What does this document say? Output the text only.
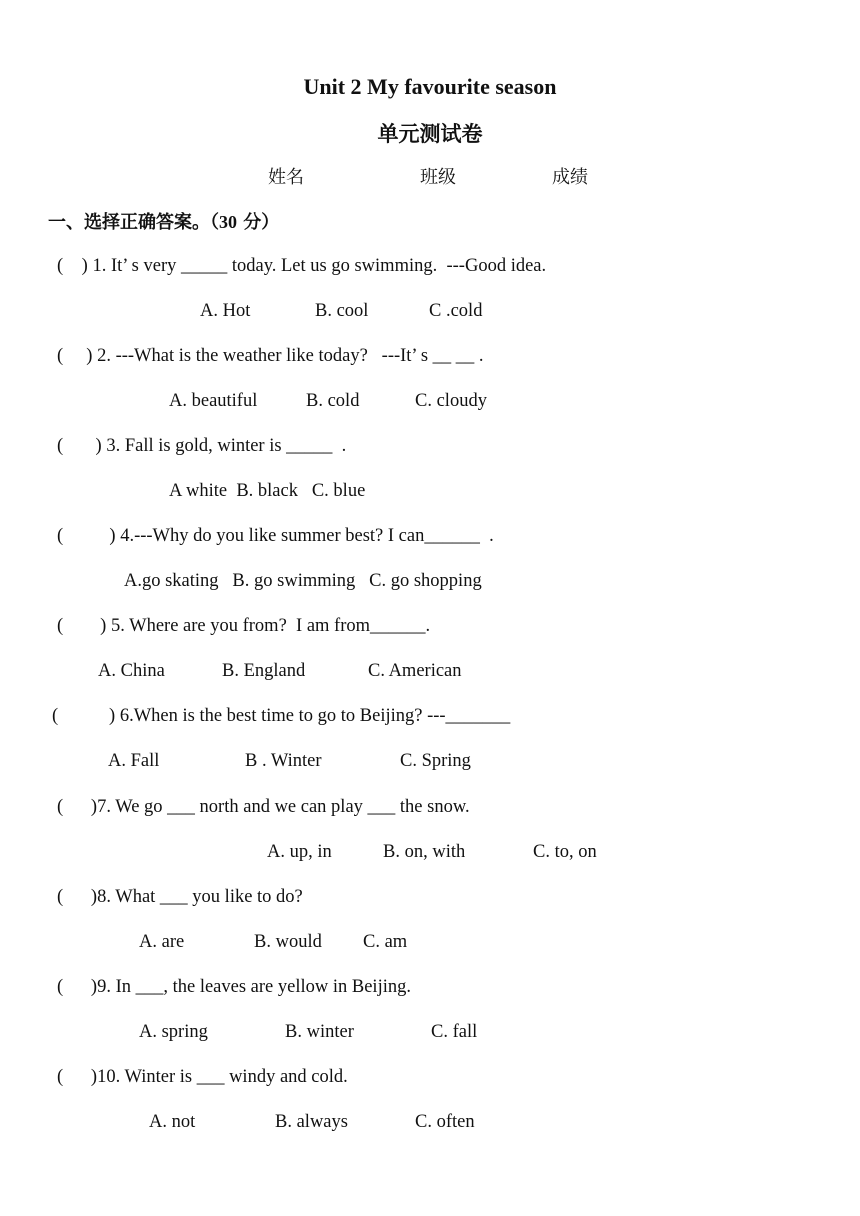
Unit 2 My favourite season
单元测试卷
姓名	班级	成绩
一、选择正确答案。（30 分）
(    ) 1. It’ s very _____ today. Let us go swimming.  ---Good idea.
A. Hot	B. cool	C .cold
(     ) 2. ---What is the weather like today?   ---It’ s __ __ .
A. beautiful	B. cold	C. cloudy
(       ) 3. Fall is gold, winter is _____  .
A white  B. black   C. blue
(          ) 4.---Why do you like summer best? I can______  .
A.go skating   B. go swimming   C. go shopping
(        ) 5. Where are you from?  I am from______.
A. China	B. England	C. American
(           ) 6.When is the best time to go to Beijing? ---_______
A. Fall	B . Winter	C. Spring
(      )7. We go ___ north and we can play ___ the snow.
A. up, in	B. on, with	C. to, on
(      )8. What ___ you like to do?
A. are	B. would C. am
(      )9. In ___, the leaves are yellow in Beijing.
A. spring	B. winter	C. fall
(      )10. Winter is ___ windy and cold.
A. not	B. always	C. often
